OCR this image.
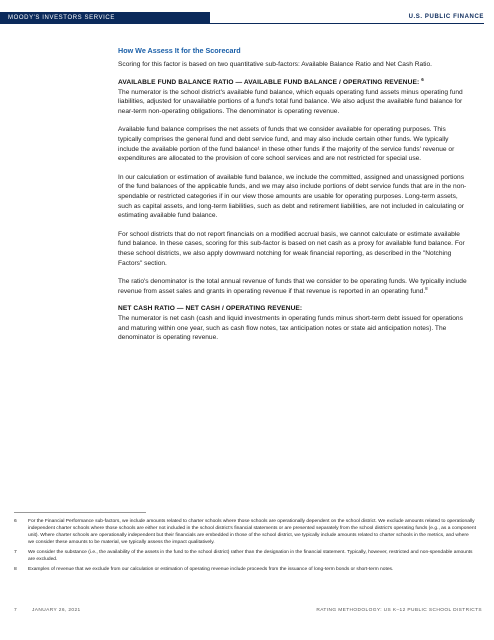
MOODY'S INVESTORS SERVICE	U.S. PUBLIC FINANCE
How We Assess It for the Scorecard

Scoring for this factor is based on two quantitative sub-factors: Available Balance Ratio and Net Cash Ratio.

AVAILABLE FUND BALANCE RATIO — AVAILABLE FUND BALANCE / OPERATING REVENUE: $^6$

The numerator is the school district's available fund balance, which equals operating fund assets minus operating fund liabilities, adjusted for unavailable portions of a fund's total fund balance. We also adjust the available fund balance for near-term non-operating obligations. The denominator is operating revenue.

Available fund balance comprises the net assets of funds that we consider available for operating purposes. This typically comprises the general fund and debt service fund, and may also include certain other funds. We typically include the available portion of the fund balance¹ in these other funds if the majority of the service funds' revenue or expenditures are allocated to the provision of core school services and are not restricted for special use.

In our calculation or estimation of available fund balance, we include the committed, assigned and unassigned portions of the fund balances of the applicable funds, and we may also include portions of debt service funds that are in the non-spendable or restricted categories if in our view those amounts are usable for operating purposes. Long-term assets, such as capital assets, and long-term liabilities, such as debt and retirement liabilities, are not included in calculating or estimating available fund balance.

For school districts that do not report financials on a modified accrual basis, we cannot calculate or estimate available fund balance. In these cases, scoring for this sub-factor is based on net cash as a proxy for available fund balance. For these school districts, we also apply downward notching for weak financial reporting, as described in the "Notching Factors" section.

The ratio's denominator is the total annual revenue of funds that we consider to be operating funds. We typically include revenue from asset sales and grants in operating revenue if that revenue is reported in an operating fund.$^8$

NET CASH RATIO — NET CASH / OPERATING REVENUE:

The numerator is net cash (cash and liquid investments in operating funds minus short-term debt issued for operations and maturing within one year, such as cash flow notes, tax anticipation notes or state aid anticipation notes). The denominator is operating revenue.

6 For the Financial Performance sub-factors, we include amounts related to charter schools where those schools are operationally dependent on the school district. We exclude amounts related to operationally independent charter schools where those schools are either not included in the school district's financial statements or are presented separately from the school district's operating funds (e.g., as a component unit). Where charter schools are operationally independent but their financials are embedded in those of the school district, we typically include amounts related to charter schools in the metrics, and where we consider these amounts to be material, we typically assess the impact qualitatively.
7 We consider the substance (i.e., the availability of the assets in the fund to the school district) rather than the designation in the financial statement. Typically, however, restricted and non-spendable amounts are excluded.
8 Examples of revenue that we exclude from our calculation or estimation of operating revenue include proceeds from the issuance of long-term bonds or short-term notes.
7	JANUARY 26, 2021	RATING METHODOLOGY: US K–12 PUBLIC SCHOOL DISTRICTS
